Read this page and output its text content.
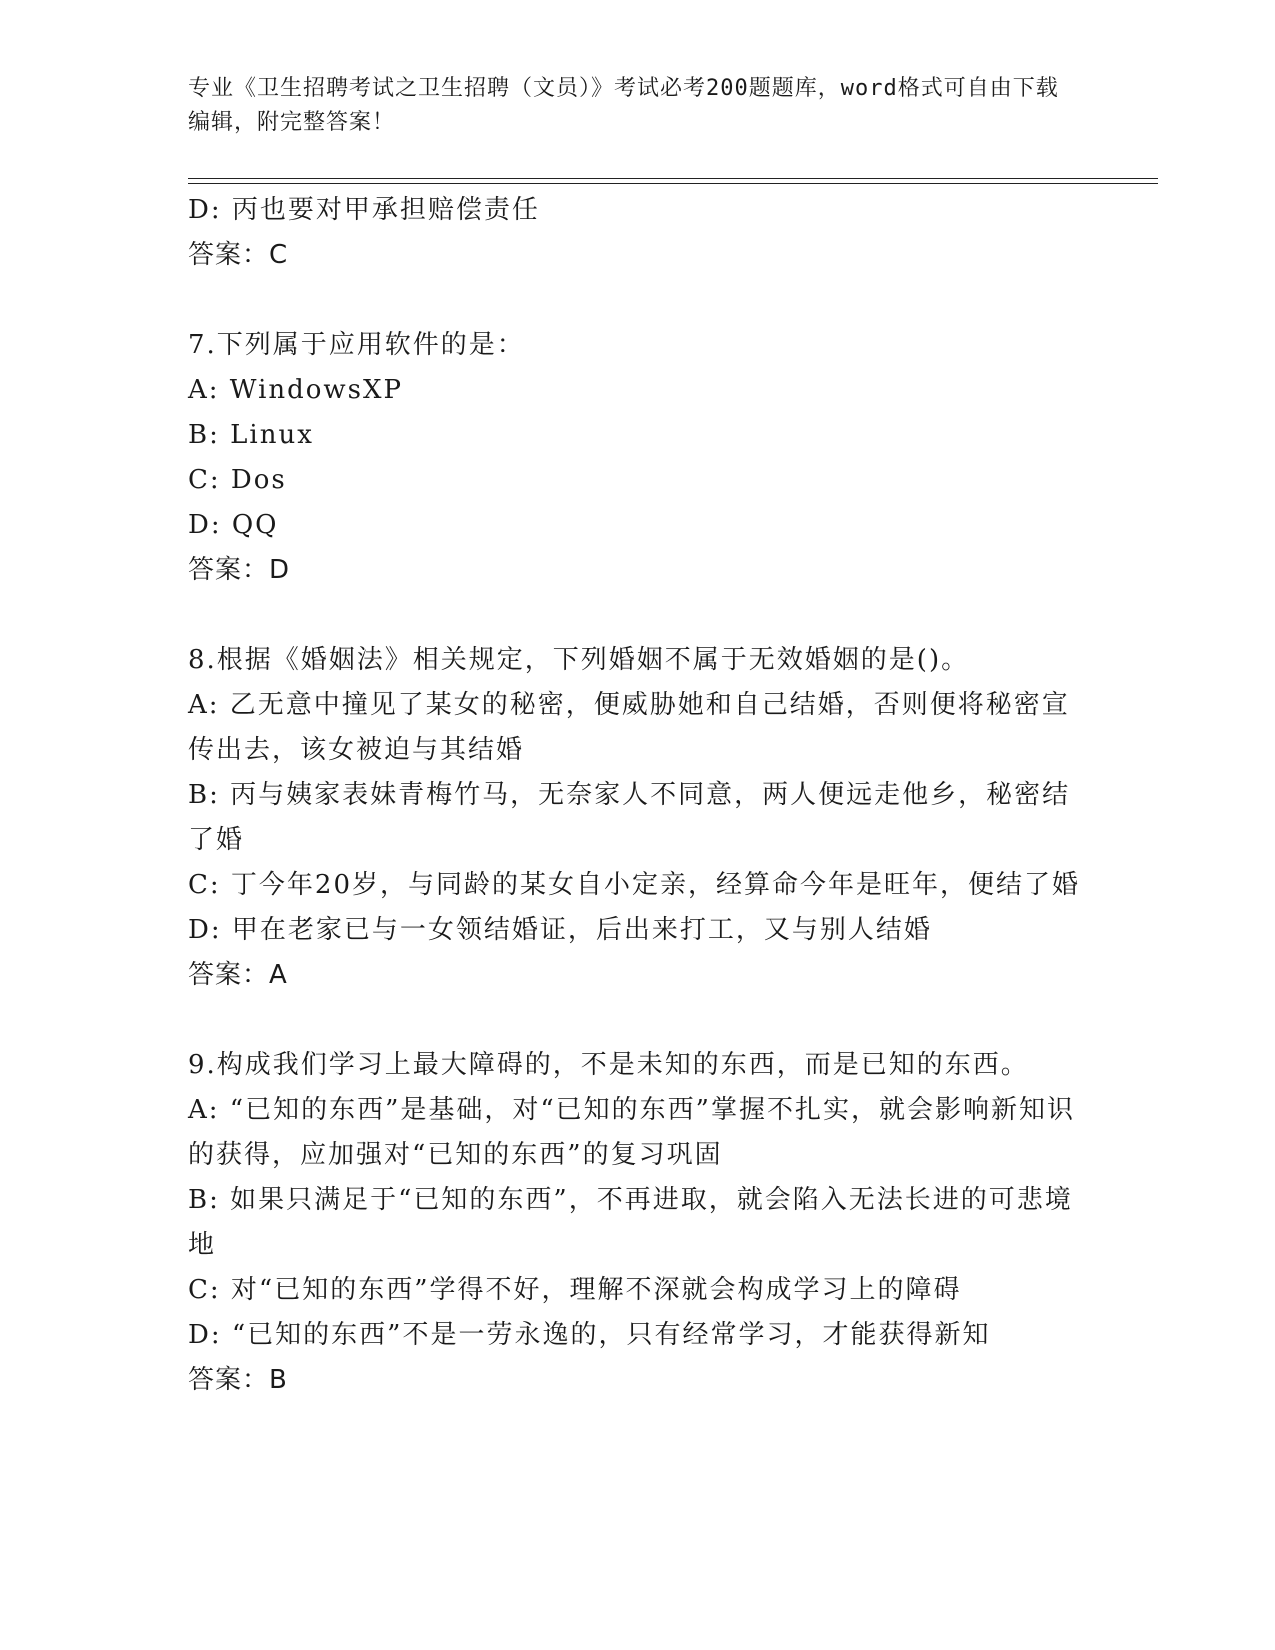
专业《卫生招聘考试之卫生招聘（文员）》考试必考200题题库，word格式可自由下载编辑，附完整答案！

D: 丙也要对甲承担赔偿责任

答案：C

7.下列属于应用软件的是：

A: WindowsXP

B: Linux

C: Dos

D: QQ

答案：D

8.根据《婚姻法》相关规定，下列婚姻不属于无效婚姻的是()。

A: 乙无意中撞见了某女的秘密，便威胁她和自己结婚，否则便将秘密宣传出去，该女被迫与其结婚

B: 丙与姨家表妹青梅竹马，无奈家人不同意，两人便远走他乡，秘密结了婚

C: 丁今年20岁，与同龄的某女自小定亲，经算命今年是旺年，便结了婚

D: 甲在老家已与一女领结婚证，后出来打工，又与别人结婚

答案：A

9.构成我们学习上最大障碍的，不是未知的东西，而是已知的东西。

A: “已知的东西”是基础，对“已知的东西”掌握不扎实，就会影响新知识的获得，应加强对“已知的东西”的复习巩固

B: 如果只满足于“已知的东西”，不再进取，就会陷入无法长进的可悲境地

C: 对“已知的东西”学得不好，理解不深就会构成学习上的障碍

D: “已知的东西”不是一劳永逸的，只有经常学习，才能获得新知

答案：B
